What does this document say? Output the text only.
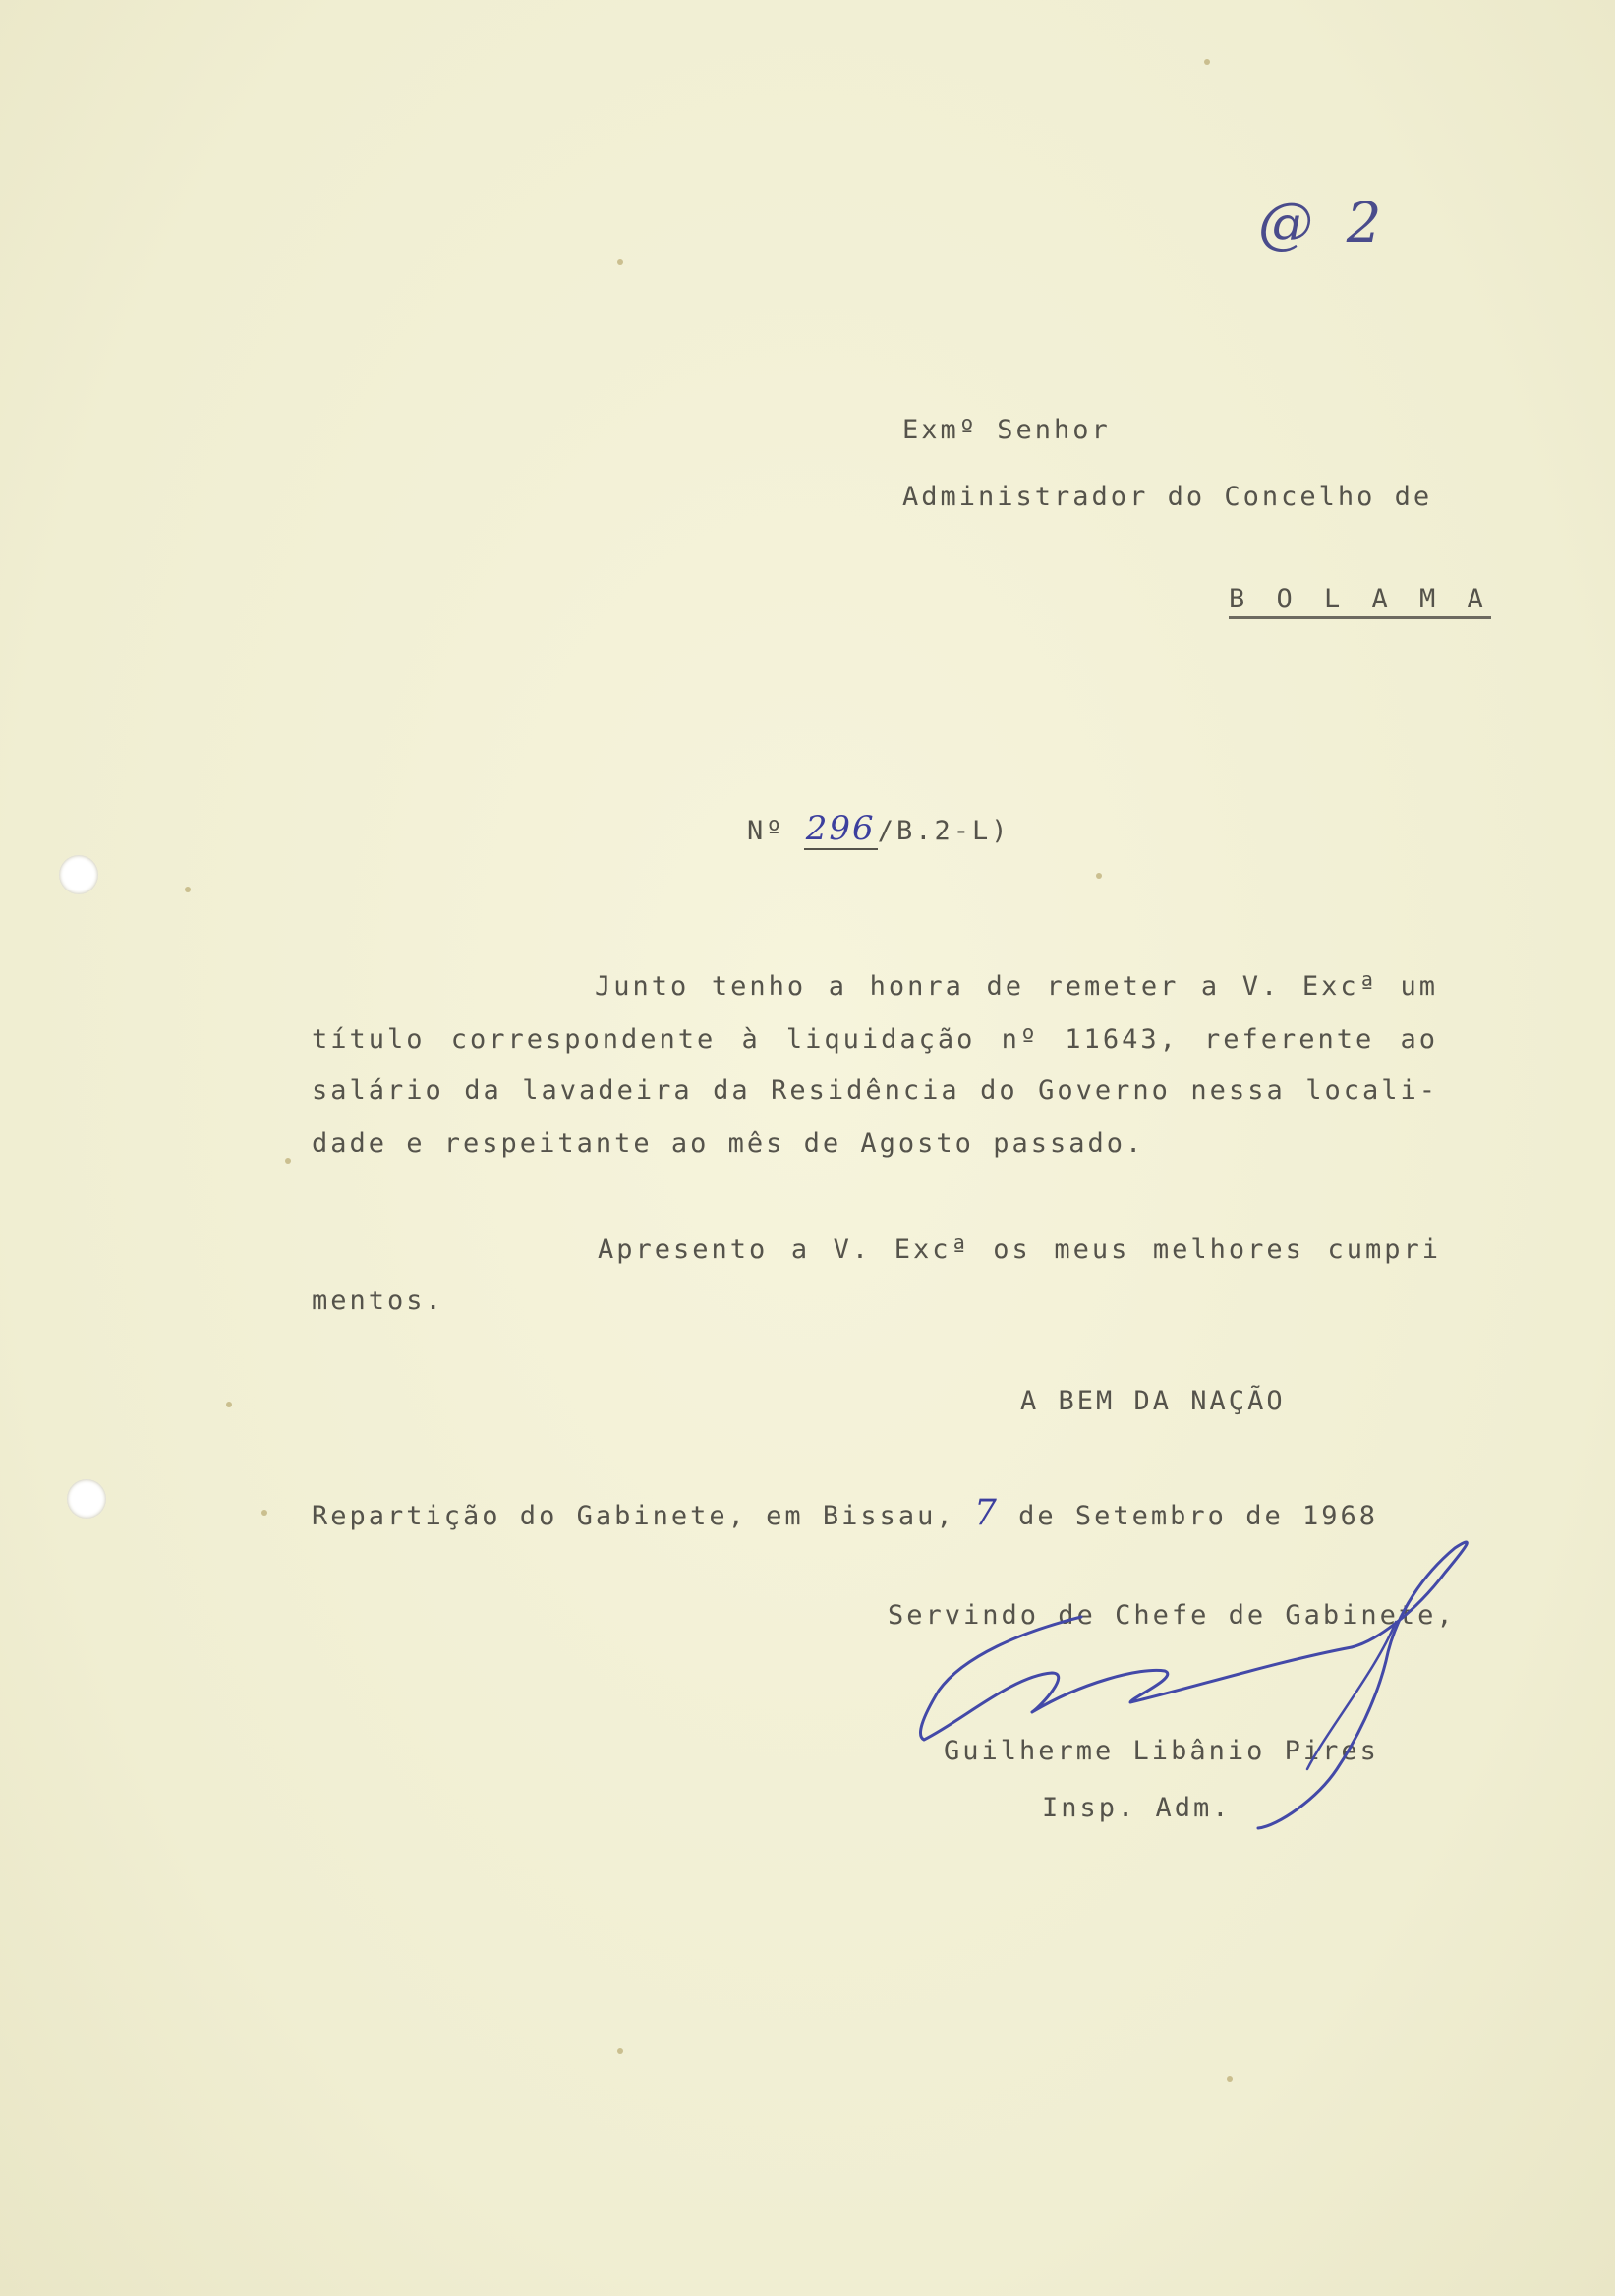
@ 2
Exmº Senhor
Administrador do Concelho de
B O L A M A
Nº 296/B.2-L)
Junto tenho a honra de remeter a V. Excª um
título correspondente à liquidação nº 11643, referente ao
salário da lavadeira da Residência do Governo nessa locali-
dade e respeitante ao mês de Agosto passado.
Apresento a V. Excª os meus melhores cumpri
mentos.
A BEM DA NAÇÃO
Repartição do Gabinete, em Bissau, 7 de Setembro de 1968
Servindo de Chefe de Gabinete,
Guilherme Libânio Pires
Insp. Adm.
